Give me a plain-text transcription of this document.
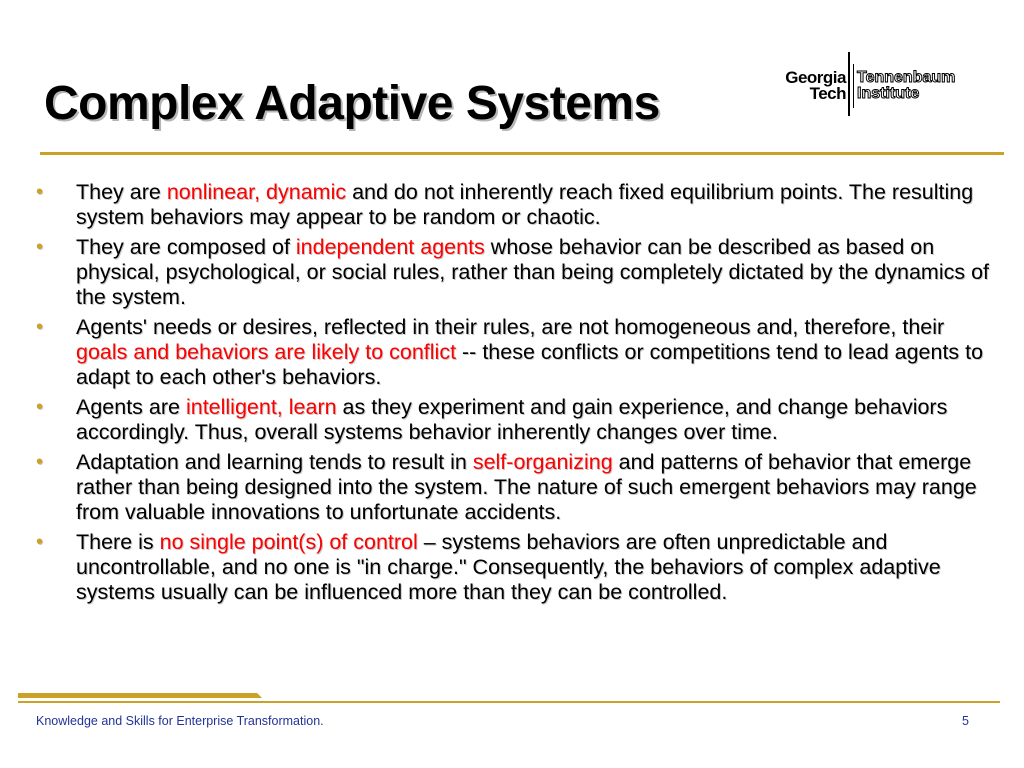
Complex Adaptive Systems	Georgia
Tech
Tennenbaum
Institute
• They are nonlinear, dynamic and do not inherently reach fixed equilibrium points. The resulting system behaviors may appear to be random or chaotic.
• They are composed of independent agents whose behavior can be described as based on physical, psychological, or social rules, rather than being completely dictated by the dynamics of the system.
• Agents' needs or desires, reflected in their rules, are not homogeneous and, therefore, their goals and behaviors are likely to conflict -- these conflicts or competitions tend to lead agents to adapt to each other's behaviors.
• Agents are intelligent, learn as they experiment and gain experience, and change behaviors accordingly. Thus, overall systems behavior inherently changes over time.
• Adaptation and learning tends to result in self-organizing and patterns of behavior that emerge rather than being designed into the system. The nature of such emergent behaviors may range from valuable innovations to unfortunate accidents.
• There is no single point(s) of control – systems behaviors are often unpredictable and uncontrollable, and no one is "in charge." Consequently, the behaviors of complex adaptive systems usually can be influenced more than they can be controlled.
Knowledge and Skills for Enterprise Transformation.	5
